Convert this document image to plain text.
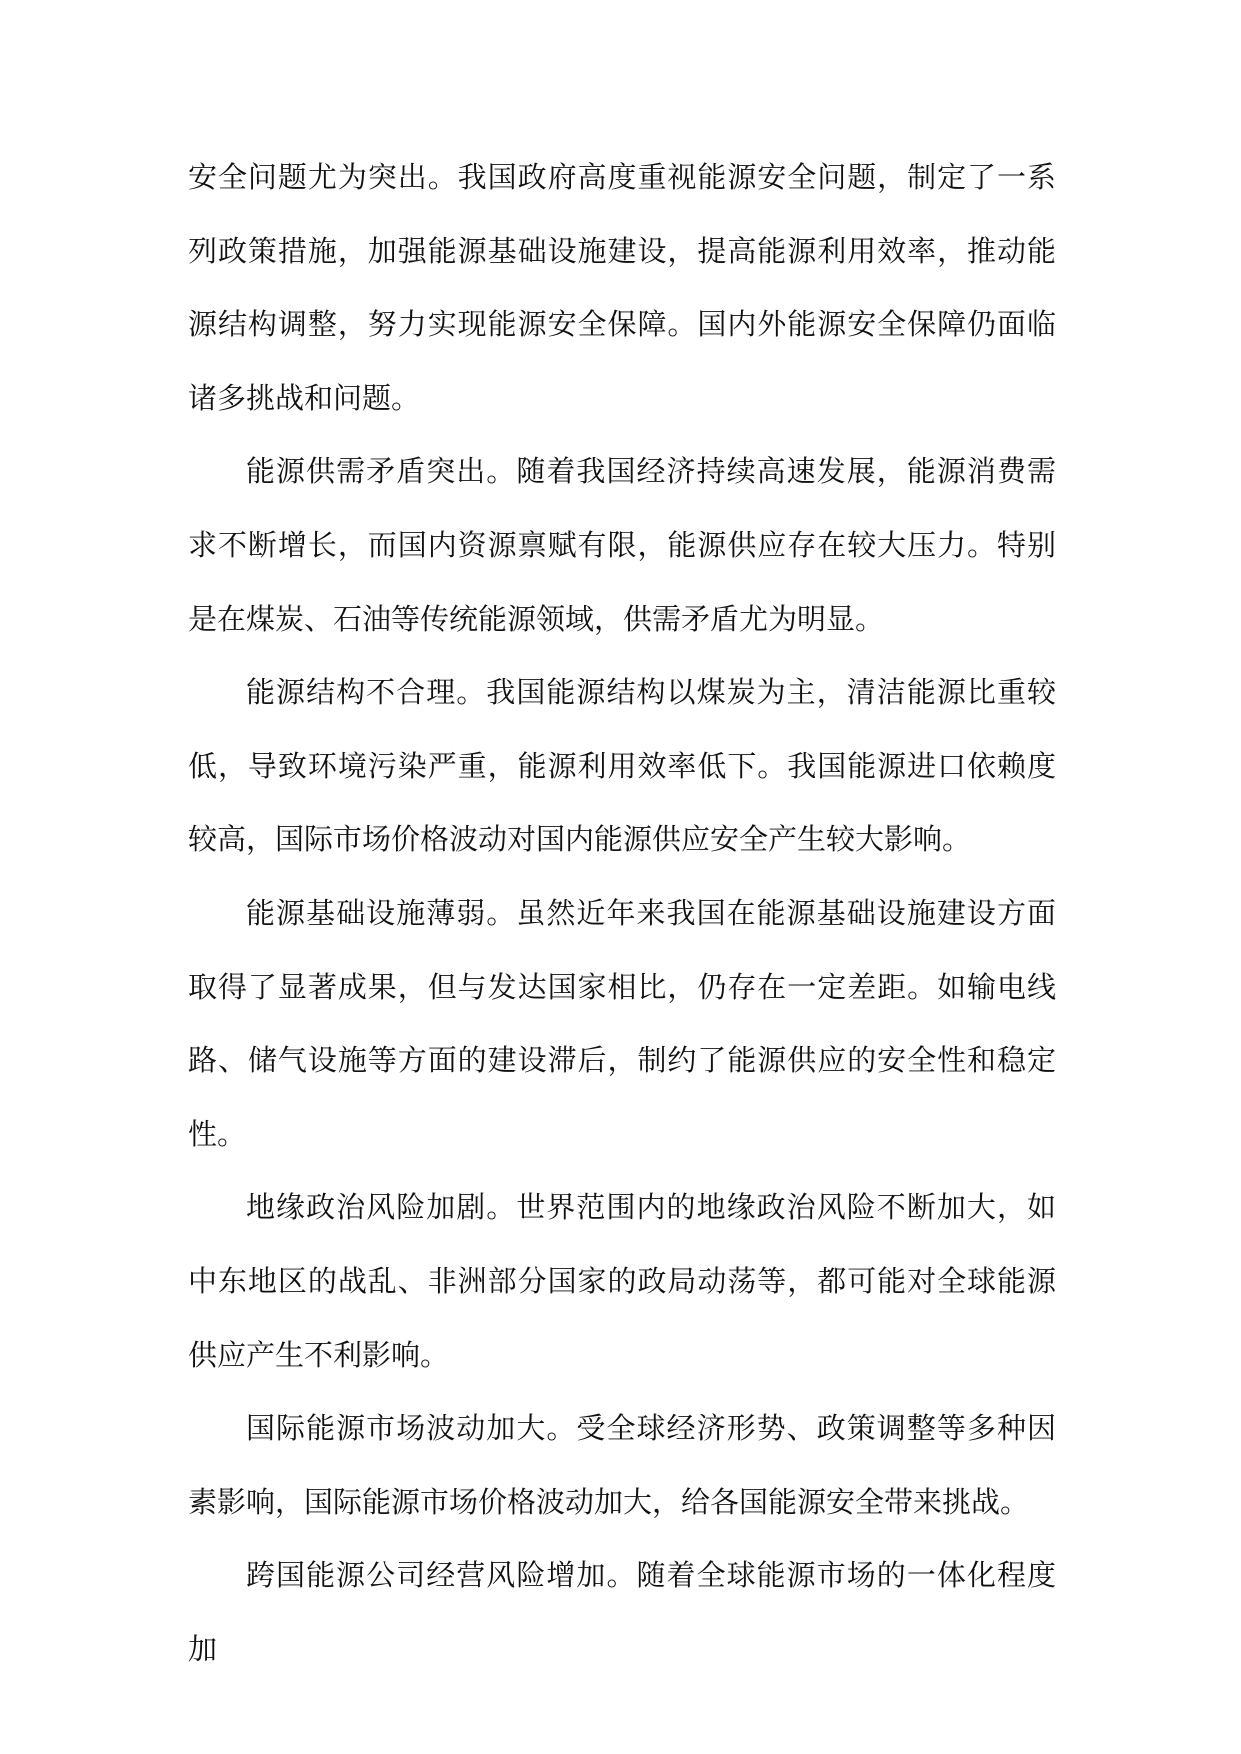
安全问题尤为突出。我国政府高度重视能源安全问题，制定了一系列政策措施，加强能源基础设施建设，提高能源利用效率，推动能源结构调整，努力实现能源安全保障。国内外能源安全保障仍面临诸多挑战和问题。

能源供需矛盾突出。随着我国经济持续高速发展，能源消费需求不断增长，而国内资源禀赋有限，能源供应存在较大压力。特别是在煤炭、石油等传统能源领域，供需矛盾尤为明显。

能源结构不合理。我国能源结构以煤炭为主，清洁能源比重较低，导致环境污染严重，能源利用效率低下。我国能源进口依赖度较高，国际市场价格波动对国内能源供应安全产生较大影响。

能源基础设施薄弱。虽然近年来我国在能源基础设施建设方面取得了显著成果，但与发达国家相比，仍存在一定差距。如输电线路、储气设施等方面的建设滞后，制约了能源供应的安全性和稳定性。

地缘政治风险加剧。世界范围内的地缘政治风险不断加大，如中东地区的战乱、非洲部分国家的政局动荡等，都可能对全球能源供应产生不利影响。

国际能源市场波动加大。受全球经济形势、政策调整等多种因素影响，国际能源市场价格波动加大，给各国能源安全带来挑战。

跨国能源公司经营风险增加。随着全球能源市场的一体化程度加
